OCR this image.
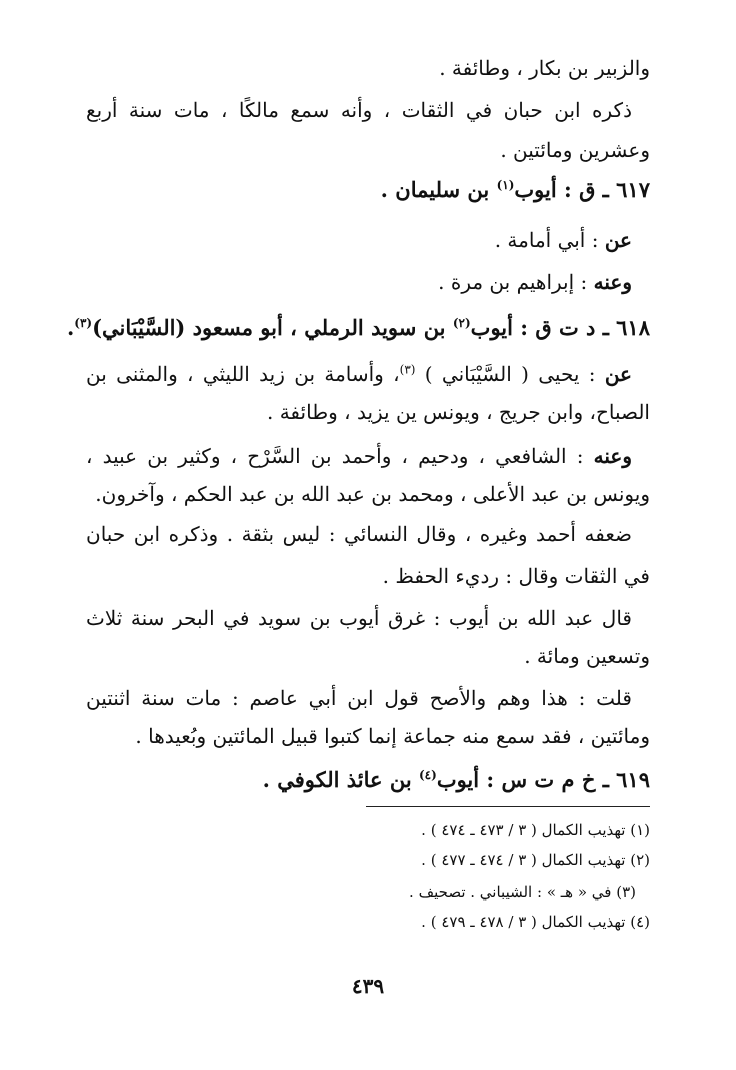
والزبير بن بكار ، وطائفة .
ذكره ابن حبان في الثقات ، وأنه سمع مالكًا ، مات سنة أربع
وعشرين ومائتين .
٦١٧ ـ ق : أيوب$^{(١)}$ بن سليمان .
عن : أبي أمامة .
وعنه : إبراهيم بن مرة .
٦١٨ ـ د ت ق : أيوب$^{(٢)}$ بن سويد الرملي ، أبو مسعود (السَّيْبَاني)$^{(٣)}$.
عن : يحيى ( السَّيْبَاني ) $^{(٣)}$، وأسامة بن زيد الليثي ، والمثنى بن
الصباح، وابن جريج ، ويونس ين يزيد ، وطائفة .
وعنه : الشافعي ، ودحيم ، وأحمد بن السَّرْح ، وكثير بن عبيد ،
ويونس بن عبد الأعلى ، ومحمد بن عبد الله بن عبد الحكم ، وآخرون.
ضعفه أحمد وغيره ، وقال النسائي : ليس بثقة . وذكره ابن حبان
في الثقات وقال : رديء الحفظ .
قال عبد الله بن أيوب : غرق أيوب بن سويد في البحر سنة ثلاث
وتسعين ومائة .
قلت : هذا وهم والأصح قول ابن أبي عاصم : مات سنة اثنتين
ومائتين ، فقد سمع منه جماعة إنما كتبوا قبيل المائتين وبُعيدها .
٦١٩ ـ خ م ت س : أيوب$^{(٤)}$ بن عائذ الكوفي .
(١) تهذيب الكمال ( ٣ / ٤٧٣ ـ ٤٧٤ ) .
(٢) تهذيب الكمال ( ٣ / ٤٧٤ ـ ٤٧٧ ) .
(٣) في « هـ » : الشيباني . تصحيف .
(٤) تهذيب الكمال ( ٣ / ٤٧٨ ـ ٤٧٩ ) .
٤٣٩
